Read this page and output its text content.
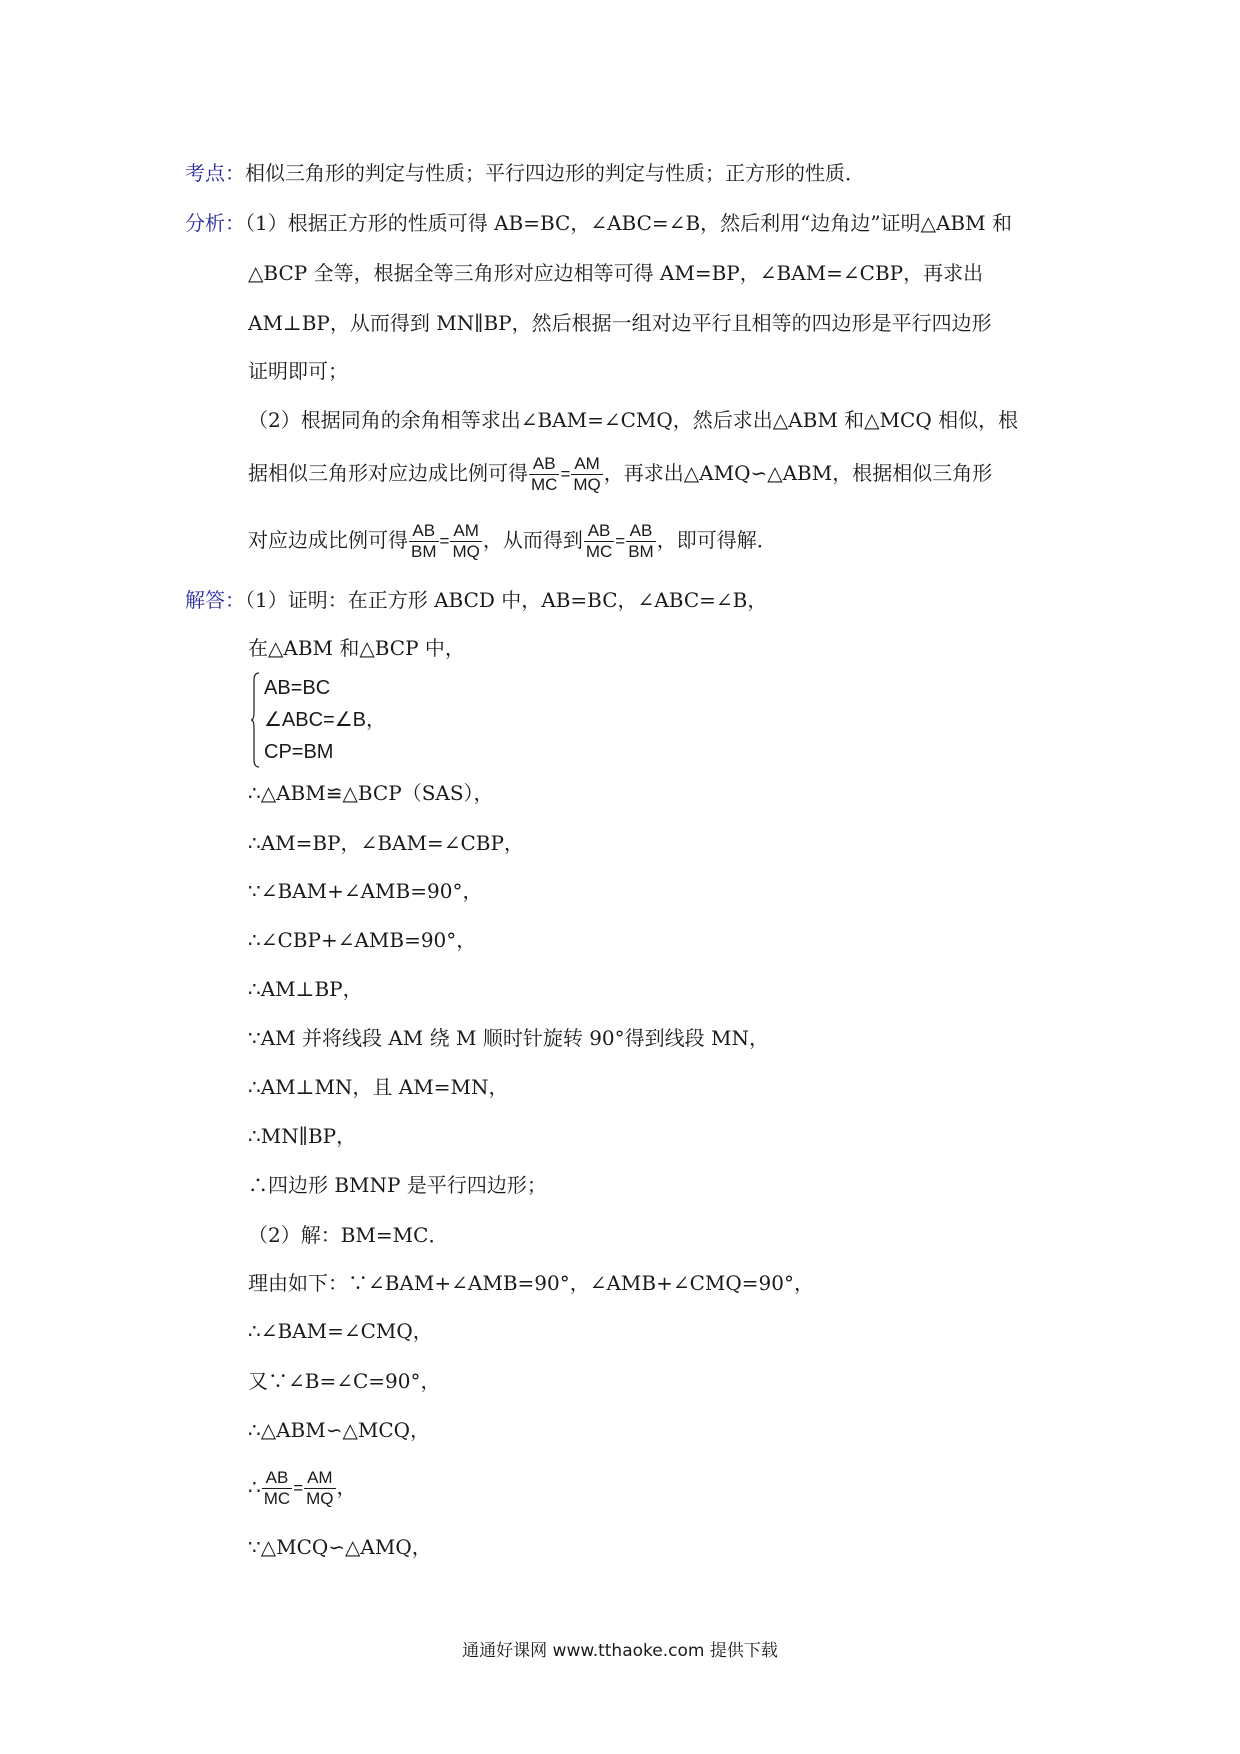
考点：相似三角形的判定与性质；平行四边形的判定与性质；正方形的性质．
分析：（1）根据正方形的性质可得 AB=BC，∠ABC=∠B，然后利用“边角边”证明△ABM 和
△BCP 全等，根据全等三角形对应边相等可得 AM=BP，∠BAM=∠CBP，再求出
AM⊥BP，从而得到 MN∥BP，然后根据一组对边平行且相等的四边形是平行四边形
证明即可；
（2）根据同角的余角相等求出∠BAM=∠CMQ，然后求出△ABM 和△MCQ 相似，根
据相似三角形对应边成比例可得 $\frac{AB}{MC} = \frac{AM}{MQ}$ ，再求出△AMQ∽△ABM，根据相似三角形
对应边成比例可得 $\frac{AB}{BM} = \frac{AM}{MQ}$ ，从而得到 $\frac{AB}{MC} = \frac{AB}{BM}$ ，即可得解．
解答：（1）证明：在正方形 ABCD 中，AB=BC，∠ABC=∠B，
在△ABM 和△BCP 中，
AB=BC
∠ABC=∠B，
CP=BM
∴△ABM≌△BCP（SAS），
∴AM=BP，∠BAM=∠CBP，
∵∠BAM+∠AMB=90°，
∴∠CBP+∠AMB=90°，
∴AM⊥BP，
∵AM 并将线段 AM 绕 M 顺时针旋转 90°得到线段 MN，
∴AM⊥MN，且 AM=MN，
∴MN∥BP，
∴四边形 BMNP 是平行四边形；
（2）解：BM=MC．
理由如下：∵∠BAM+∠AMB=90°，∠AMB+∠CMQ=90°，
∴∠BAM=∠CMQ，
又∵∠B=∠C=90°，
∴△ABM∽△MCQ，
∴ $\frac{AB}{MC} = \frac{AM}{MQ}$ ，
∵△MCQ∽△AMQ，
通通好课网 www.tthaoke.com 提供下载
